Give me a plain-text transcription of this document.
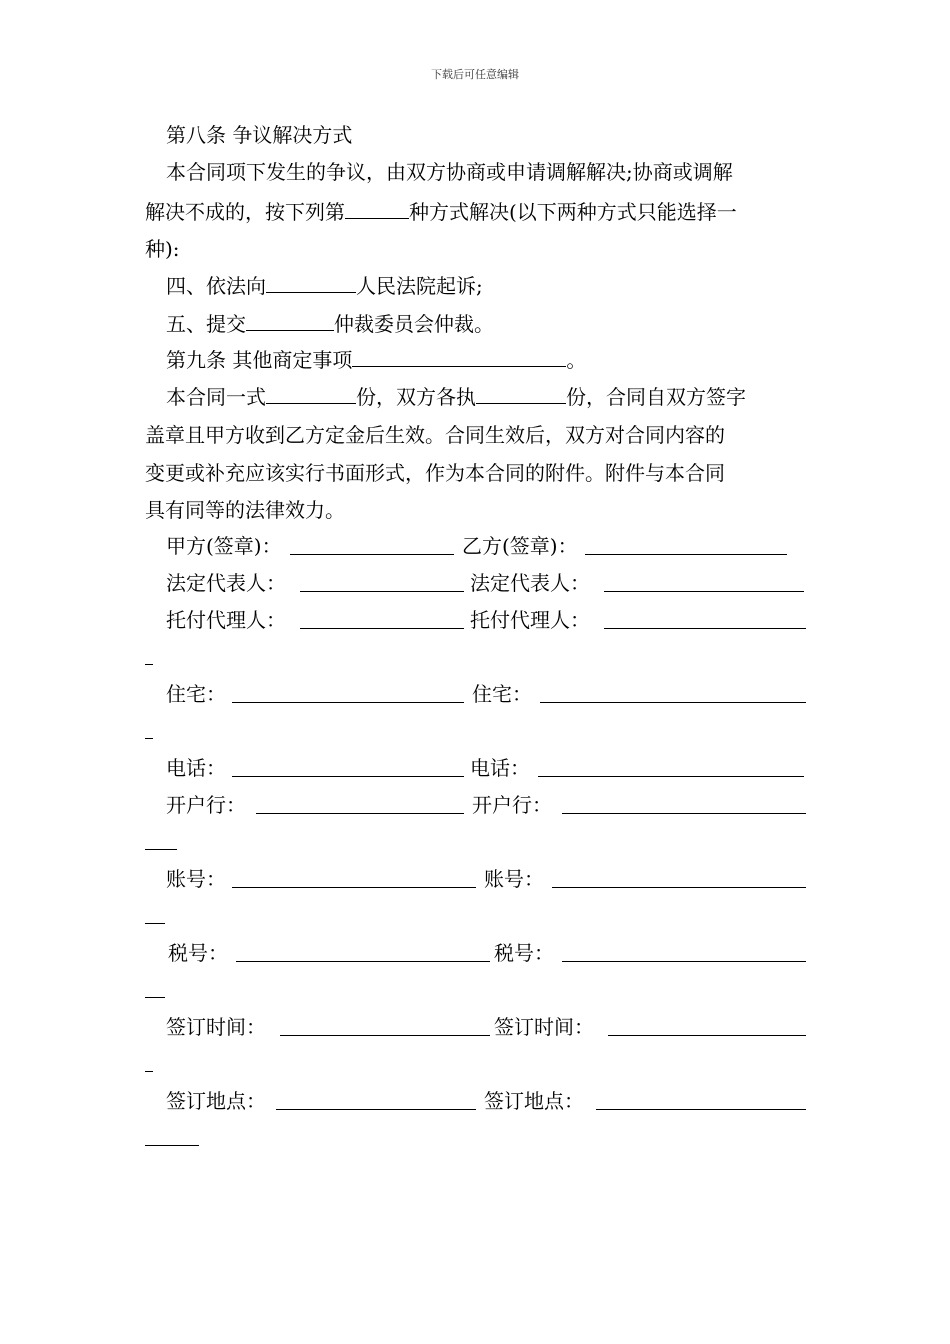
下载后可任意编辑
第八条 争议解决方式
本合同项下发生的争议，由双方协商或申请调解解决;协商或调解
解决不成的，按下列第	种方式解决(以下两种方式只能选择一
种):
四、依法向	人民法院起诉;
五、提交	仲裁委员会仲裁。
第九条 其他商定事项	。
本合同一式	份，双方各执	份，合同自双方签字
盖章且甲方收到乙方定金后生效。合同生效后，双方对合同内容的
变更或补充应该实行书面形式，作为本合同的附件。附件与本合同
具有同等的法律效力。
甲方(签章)：	乙方(签章)：
法定代表人：	法定代表人：
托付代理人：	托付代理人：
住宅：	住宅：
电话：	电话：
开户行：	开户行：
账号：	账号：
税号：	税号：
签订时间：	签订时间：
签订地点：	签订地点：
